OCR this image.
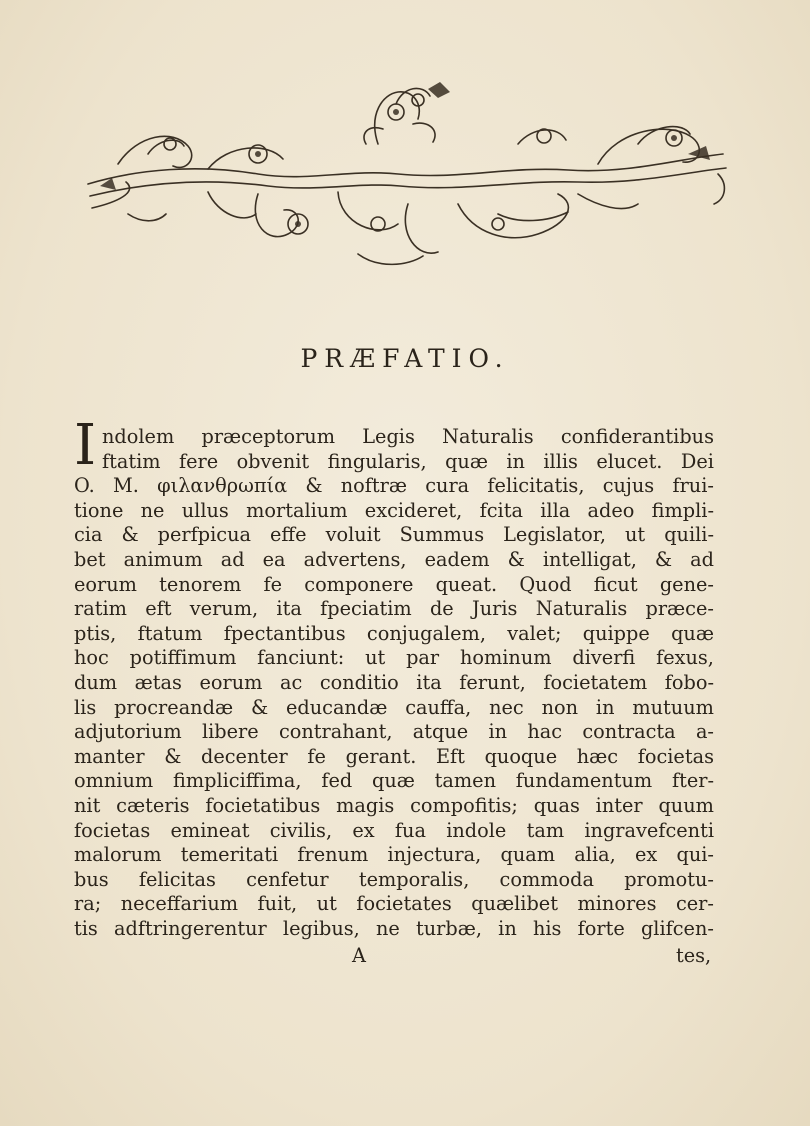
PRÆFATIO.
I ndolem præceptorum Legis Naturalis confiderantibus
ftatim fere obvenit fingularis, quæ in illis elucet. Dei
O. M. φιλανθρωπία & noftræ cura felicitatis, cujus frui-
tione ne ullus mortalium excideret, fcita illa adeo fimpli-
cia & perfpicua effe voluit Summus Legislator, ut quili-
bet animum ad ea advertens, eadem & intelligat, & ad
eorum tenorem fe componere queat. Quod ficut gene-
ratim eft verum, ita fpeciatim de Juris Naturalis præce-
ptis, ftatum fpectantibus conjugalem, valet; quippe quæ
hoc potiffimum fanciunt: ut par hominum diverfi fexus,
dum ætas eorum ac conditio ita ferunt, focietatem fobo-
lis procreandæ & educandæ cauffa, nec non in mutuum
adjutorium libere contrahant, atque in hac contracta a-
manter & decenter fe gerant. Eft quoque hæc focietas
omnium fimpliciffima, fed quæ tamen fundamentum fter-
nit cæteris focietatibus magis compofitis; quas inter quum
focietas emineat civilis, ex fua indole tam ingravefcenti
malorum temeritati frenum injectura, quam alia, ex qui-
bus felicitas cenfetur temporalis, commoda promotu-
ra; neceffarium fuit, ut focietates quælibet minores cer-
tis adftringerentur legibus, ne turbæ, in his forte glifcen-
A	tes,
